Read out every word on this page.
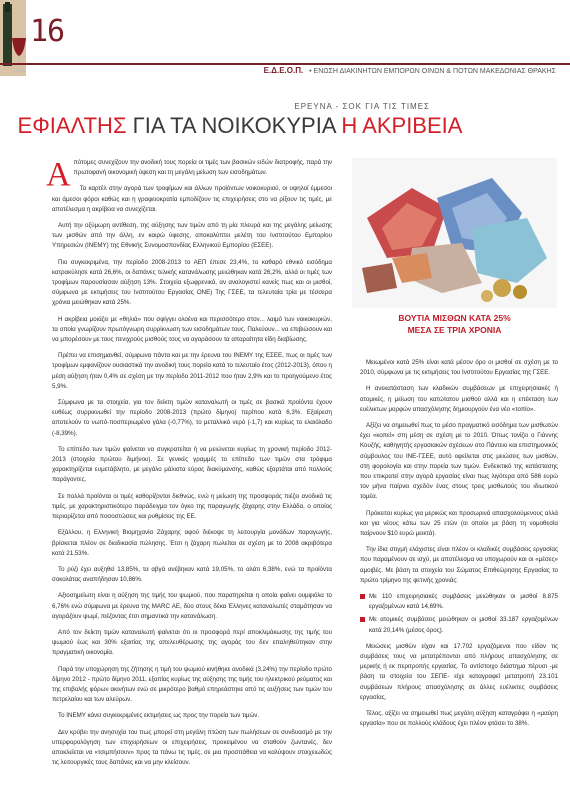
16
Ε.Δ.Ε.Ο.Π. • ΕΝΩΣΗ ΔΙΑΚΙΝΗΤΩΝ ΕΜΠΟΡΩΝ ΟΙΝΩΝ & ΠΟΤΩΝ ΜΑΚΕΔΟΝΙΑΣ ΘΡΑΚΗΣ
ΕΡΕΥΝΑ - ΣΟΚ ΓΙΑ ΤΙΣ ΤΙΜΕΣ
ΕΦΙΑΛΤΗΣ ΓΙΑ ΤΑ ΝΟΙΚΟΚΥΡΙΑ Η ΑΚΡΙΒΕΙΑ

Απότομες συνεχίζουν την ανοδική τους πορεία οι τιμές των βασικών ειδών διατροφής, παρά την πρωτοφανή οικονομική ύφεση και τη μεγάλη μείωση των εισοδημάτων.

Τα καρτέλ στην αγορά των τροφίμων και άλλων προϊόντων νοικοκυριού, οι υψηλοί έμμεσοι και άμεσοι φόροι καθώς και η γραφειοκρατία εμποδίζουν τις επιχειρήσεις στο να ρίξουν τις τιμές, με αποτέλεσμα η ακρίβεια να συνεχίζεται.

Αυτή την οξύμωρη αντίθεση, της αύξησης των τιμών από τη μία πλευρά και της μεγάλης μείωσης των μισθών από την άλλη, εν καιρώ ύφεσης, αποκαλύπτει μελέτη του Ινστιτούτου Εμπορίου Υπηρεσιών (ΙΝΕΜΥ) της Εθνικής Συνομοσπονδίας Ελληνικού Εμπορίου (ΕΣΕΕ).

Πιο συγκεκριμένα, την περίοδο 2008-2013 το ΑΕΠ έπεσε 23,4%, το καθαρό εθνικό εισόδημα κατρακύλησε κατά 26,6%, οι δαπάνες τελικής κατανάλωσης μειώθηκαν κατά 26,2%, αλλά οι τιμές των τροφίμων παρουσίασαν αύξηση 13%. Στοιχεία εξωφρενικά, αν αναλογιστεί κανείς πως και οι μισθοί, σύμφωνα με εκτιμήσεις του Ινστιτούτου Εργασίας ΟΝΕ) Της ΓΣΕΕ, τα τελευταία τρία με τέσσερα χρόνια μειώθηκαν κατά 25%.

Η ακρίβεια μοιάζει με «θηλιά» που σφίγγει ολοένα και περισσότερο στον... λαιμό των νοικοκυριών, τα οποία γνωρίζουν πρωτόγνωρη συρρίκνωση των εισοδημάτων τους. Παλεύουν... να επιβιώσουν και να μπορέσουν με τους πενιχρούς μισθούς τους να αγοράσουν τα απαραίτητα είδη διαβίωσης.

Πρέπει να επισημανθεί, σύμφωνα πάντα και με την έρευνα του ΙΝΕΜΥ της ΕΣΕΕ, πως οι τιμές των τροφίμων εμφανίζουν ουσιαστικά την ανοδική τους πορεία κατά το τελευταίο έτος (2012-2013), όπου η μέση αύξηση ήταν 0,4% σε σχέση με την περίοδο 2011-2012 που ήταν 2,9% και το προηγούμενο έτος 5,9%.

Σύμφωνα με τα στοιχεία, για τον δείκτη τιμών καταναλωτή οι τιμές σε βασικά προϊόντα έχουν ευθέως συρρικνωθεί την περίοδο 2008-2013 (πρώτο δίμηνο) περίπου κατά 6,3%. Εξαίρεση αποτελούν το νωπό-ποσπεριωμένο γάλα (-0,77%), το μεταλλικό νερό (-1,7) και κυρίως το ελαιόλαδο (-8,39%).

Το επίπεδο των τιμών φαίνεται να συγκρατείται ή να μειώνεται κυρίως τη χρονική περίοδο 2012-2013 (στοιχεία πρώτου διμήνου). Σε γενικές γραμμές το επίπεδο των τιμών στα τρόφιμα χαρακτηρίζεται ευμετάβλητο, με μεγάλο μάλιστα εύρος διακύμανσης, καθώς εξαρτάται από πολλούς παράγοντες.

Σε πολλά προϊόντα οι τιμές καθορίζονται διεθνώς, ενώ η μείωση της προσφοράς πιέζει ανοδικά τις τιμές, με χαρακτηριστικότερο παράδειγμα τον όγκο της παραγωγής ζάχαρης στην Ελλάδα, ο οποίος περιορίζεται από ποσοστώσεις και ρυθμίσεις της ΕΕ.

Εξάλλου, η Ελληνική Βιομηχανία Ζάχαρης αφού διέκοψε τη λειτουργία μονάδων παραγωγής, βρίσκεται πλέον σε διαδικασία πώλησης. Έτσι η ζάχαρη πωλείται σε σχέση με το 2008 ακριβότερα κατά 21,53%.

Το ρύζι έχει αυξηθεί 13,85%, τα αβγά ανέβηκαν κατά 19,05%, το αλάτι 6,38%, ενώ τα προϊόντα σοκολάτας αναπήδησαν 10,86%.

Αξιοσημείωτη είναι η αύξηση της τιμής του ψωμιού, που παρατηρείται η οποία φαίνει ουμφιόλα το 6,76% ενώ σύμφωνα με έρευνα της MARC ΑΕ, δύο στους δέκα Έλληνες καταναλωτές σταμάτησαν να αγοράζουν ψωμί, πιέζοντας έτσι σημαντικά την κατανάλωση.

Από τον δείκτη τιμών καταναλωτή φαίνεται ότι οι προσφορά περί αποκλιμάκωσης της τιμής του ψωμιού έως και 30% εξαιτίας της απελευθέρωσης της αγοράς του δεν επαληθεύτηκαν στην πραγματική οικονομία.

Παρά την υποχώρηση της ζήτησης η τιμή του ψωμιού κινήθηκε ανοδικά (3,24%) την περίοδο πρώτο δίμηνο 2012 - πρώτο δίμηνο 2011, εξαιτίας κυρίως της αύξησης της τιμής του ηλεκτρικού ρεύματος και της επιβολής φόρων ακινήτων ενώ σε μικρότερο βαθμό επηρεάστηκε από τις αυξήσεις των τιμών του πετρελαίου και των αλεύρων.

Το ΙΝΕΜΥ κάνει συγκεκριμένες εκτιμήσεις ως προς την πορεία των τιμών.

Δεν κρύβει την ανησυχία του πως μπορεί στη μεγάλη πτώση των πωλήσεων σε συνδυασμό με την υπερφορολόγηση των επιχειρήσεων οι επιχειρήσεις, προκειμένου να σταθούν ζωντανές, δεν αποκλείεται να «τσιμπήσουν» προς τα πάνω τις τιμές, σε μια προσπάθεια να καλύψουν στοιχειωδώς τις λειτουργικές τους δαπάνες και να μην κλείσουν.

ΒΟΥΤΙΑ ΜΙΣΘΩΝ ΚΑΤΑ 25%
ΜΕΣΑ ΣΕ ΤΡΙΑ ΧΡΟΝΙΑ

Μειωμένοι κατά 25% είναι κατά μέσον όρο οι μισθοί σε σχέση με το 2010, σύμφωνα με τις εκτιμήσεις του Ινστιτούτου Εργασίας της ΓΣΕΕ.

Η ανεκατάσταση των κλαδικών συμβάσεων με επιχειρησιακές ή ατομικές, η μείωση του κατώτατου μισθού αλλά και η επέκταση των ευέλικτων μορφών απασχόλησης δημιουργούν ένα νέο «τοπίο».

Αξίζει να σημειωθεί πως το μέσο πραγματικό εισόδημα των μισθωτών έχει «κοπεί» στη μέση σε σχέση με το 2010. Όπως τονίζει ο Γιάννης Κουζής, καθηγητής εργασιακών σχέσεων στο Πάντειο και επιστημονικός σύμβουλος του ΙΝΕ-ΓΣΕΕ, αυτό οφείλεται στις μειώσεις των μισθών, στη φορολογία και στην πορεία των τιμών. Ενδεικτικό της κατάστασης που επικρατεί στην αγορά εργασίας είναι πως λιγότερα από 586 ευρώ τον μήνα παίρνει σχεδόν ένας στους τρεις μισθωτούς του ιδιωτικού τομέα.

Πρόκειται κυρίως για μερικώς και προσωρινά απασχολούμενους αλλά και για νέους κάτω των 25 ετών (οι οποίοι με βάση τη νομοθεσία παίρνουν $10 ευρώ μεικτά).

Την ίδια στιγμή ελάχιστες είναι πλέον οι κλαδικές συμβάσεις εργασίας που παραμένουν σε ισχύ, με αποτέλεσμα να υποχωρούν και οι «μέσες» αμοιβές. Με βάση τα στοιχεία του Σώματος Επιθεώρησης Εργασίας το πρώτο τρίμηνο της φετινής χρονιάς:

Με 110 επιχειρησιακές συμβάσεις μειώθηκαν οι μισθοί 8.875 εργαζομένων κατά 14,69%.
Με ατομικές συμβάσεις μειώθηκαν οι μισθοί 33.187 εργαζομένων κατά 20,14% (μέσος όρος).

Μειώσεις μισθών είχαν και 17.702 εργαζόμενοι που είδαν τις συμβάσεις τους να μετατρέπονται από πλήρους απασχόλησης σε μερικής ή εκ περιτροπής εργασίας. Το αντίστοιχο διάστημα πέρυσι -με βάση τα στοιχεία του ΣΕΠΕ- είχε καταγραφεί μετατροπή 23.101 συμβάσεων πλήρους απασχόλησης σε άλλες ευέλικτες συμβάσεις εργασίας.

Τέλος, αξίζει να σημειωθεί πως μεγάλη αύξηση καταγράφει η «μαύρη εργασία» που σε πολλούς κλάδους έχει πλέον φτάσει το 38%.
